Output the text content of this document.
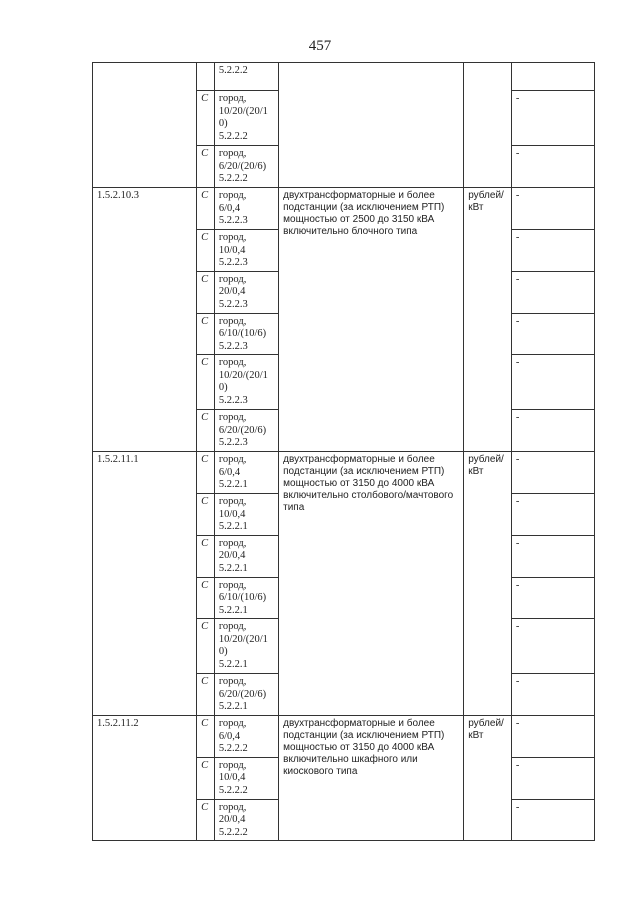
457
		5.2.2.2			
	С	город,
10/20/(20/1
0)
5.2.2.2			-
	С	город,
6/20/(20/6)
5.2.2.2			-
1.5.2.10.3	С	город,
6/0,4
5.2.2.3	двухтрансформаторные и более подстанции (за исключением РТП) мощностью от 2500 до 3150 кВА включительно блочного типа	рублей/ кВт	-
	С	город,
10/0,4
5.2.2.3			-
	С	город,
20/0,4
5.2.2.3			-
	С	город,
6/10/(10/6)
5.2.2.3			-
	С	город,
10/20/(20/1
0)
5.2.2.3			-
	С	город,
6/20/(20/6)
5.2.2.3			-
1.5.2.11.1	С	город,
6/0,4
5.2.2.1	двухтрансформаторные и более подстанции (за исключением РТП) мощностью от 3150 до 4000 кВА включительно столбового/мачтового типа	рублей/ кВт	-
	С	город,
10/0,4
5.2.2.1			-
	С	город,
20/0,4
5.2.2.1			-
	С	город,
6/10/(10/6)
5.2.2.1			-
	С	город,
10/20/(20/1
0)
5.2.2.1			-
	С	город,
6/20/(20/6)
5.2.2.1			-
1.5.2.11.2	С	город,
6/0,4
5.2.2.2	двухтрансформаторные и более подстанции (за исключением РТП) мощностью от 3150 до 4000 кВА включительно шкафного или киоскового типа	рублей/ кВт	-
	С	город,
10/0,4
5.2.2.2			-
	С	город,
20/0,4
5.2.2.2			-
